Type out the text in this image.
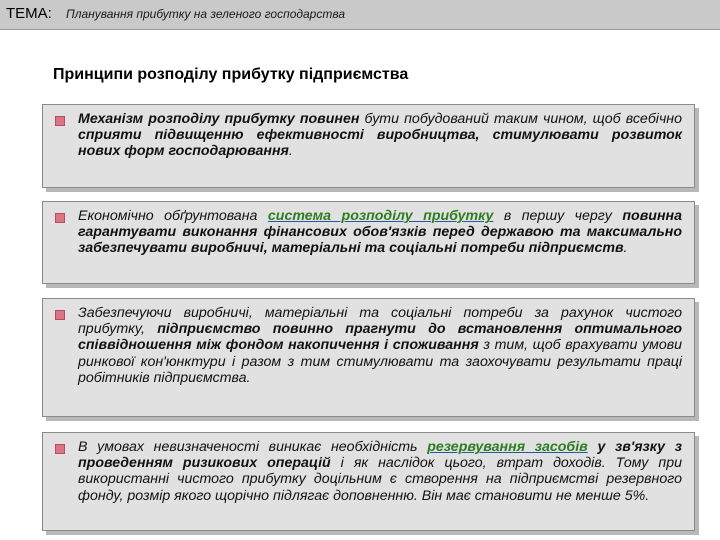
ТЕМА: Планування прибутку на зеленого господарства
Принципи розподілу прибутку підприємства
Механізм розподілу прибутку повинен бути побудований таким чином, щоб всебічно сприяти підвищенню ефективності виробництва, стимулювати розвиток нових форм господарювання.
Економічно обґрунтована система розподілу прибутку в першу чергу повинна гарантувати виконання фінансових обов'язків перед державою та максимально забезпечувати виробничі, матеріальні та соціальні потреби підприємств.
Забезпечуючи виробничі, матеріальні та соціальні потреби за рахунок чистого прибутку, підприємство повинно прагнути до встановлення оптимального співвідношення між фондом накопичення і споживання з тим, щоб врахувати умови ринкової кон'юнктури і разом з тим стимулювати та заохочувати результати праці робітників підприємства.
В умовах невизначеності виникає необхідність резервування засобів у зв'язку з проведенням ризикових операцій і як наслідок цього, втрат доходів. Тому при використанні чистого прибутку доцільним є створення на підприємстві резервного фонду, розмір якого щорічно підлягає доповненню. Він має становити не менше 5%.
